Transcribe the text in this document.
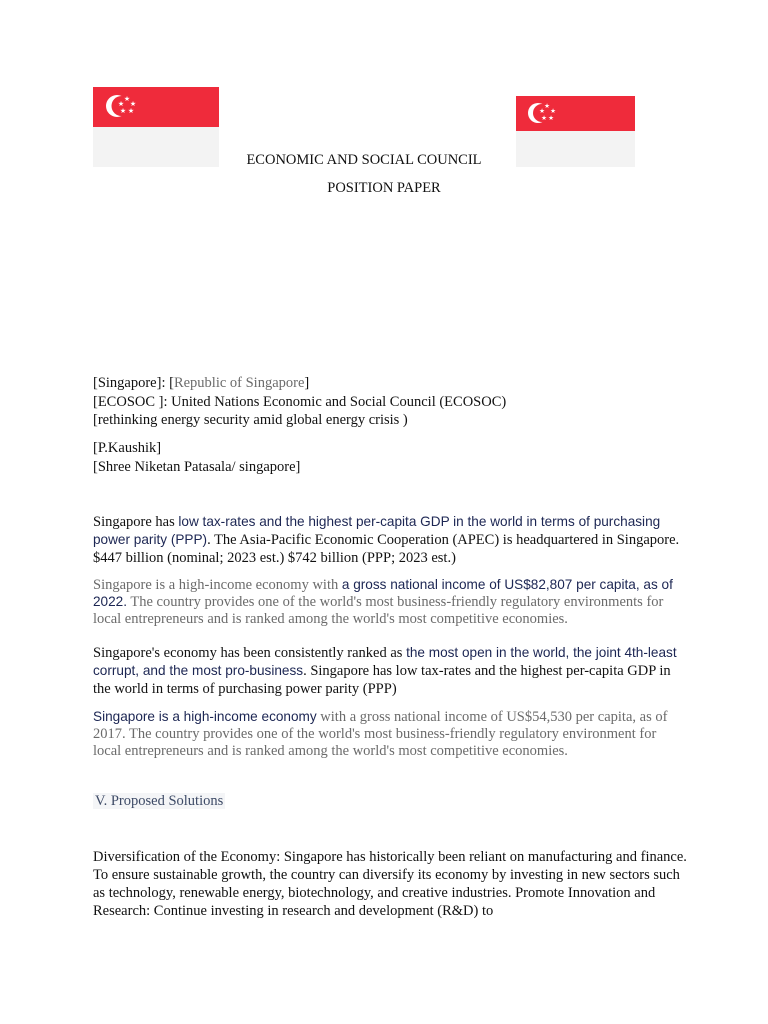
★
★ ★
★ ★
★
★ ★
★ ★
ECONOMIC AND SOCIAL COUNCIL
POSITION PAPER
[Singapore]: [Republic of Singapore]
[ECOSOC ]: United Nations Economic and Social Council (ECOSOC)
[rethinking energy security amid global energy crisis )
[P.Kaushik]
[Shree Niketan Patasala/ singapore]
Singapore has low tax-rates and the highest per-capita GDP in the world in terms of purchasing power parity (PPP). The Asia-Pacific Economic Cooperation (APEC) is headquartered in Singapore. $447 billion (nominal; 2023 est.) $742 billion (PPP; 2023 est.)
Singapore is a high-income economy with a gross national income of US$82,807 per capita, as of 2022. The country provides one of the world's most business-friendly regulatory environments for local entrepreneurs and is ranked among the world's most competitive economies.
Singapore's economy has been consistently ranked as the most open in the world, the joint 4th-least corrupt, and the most pro-business. Singapore has low tax-rates and the highest per-capita GDP in the world in terms of purchasing power parity (PPP)
Singapore is a high-income economy with a gross national income of US$54,530 per capita, as of 2017. The country provides one of the world's most business-friendly regulatory environment for local entrepreneurs and is ranked among the world's most competitive economies.
V. Proposed Solutions
Diversification of the Economy: Singapore has historically been reliant on manufacturing and finance. To ensure sustainable growth, the country can diversify its economy by investing in new sectors such as technology, renewable energy, biotechnology, and creative industries. Promote Innovation and Research: Continue investing in research and development (R&D) to
